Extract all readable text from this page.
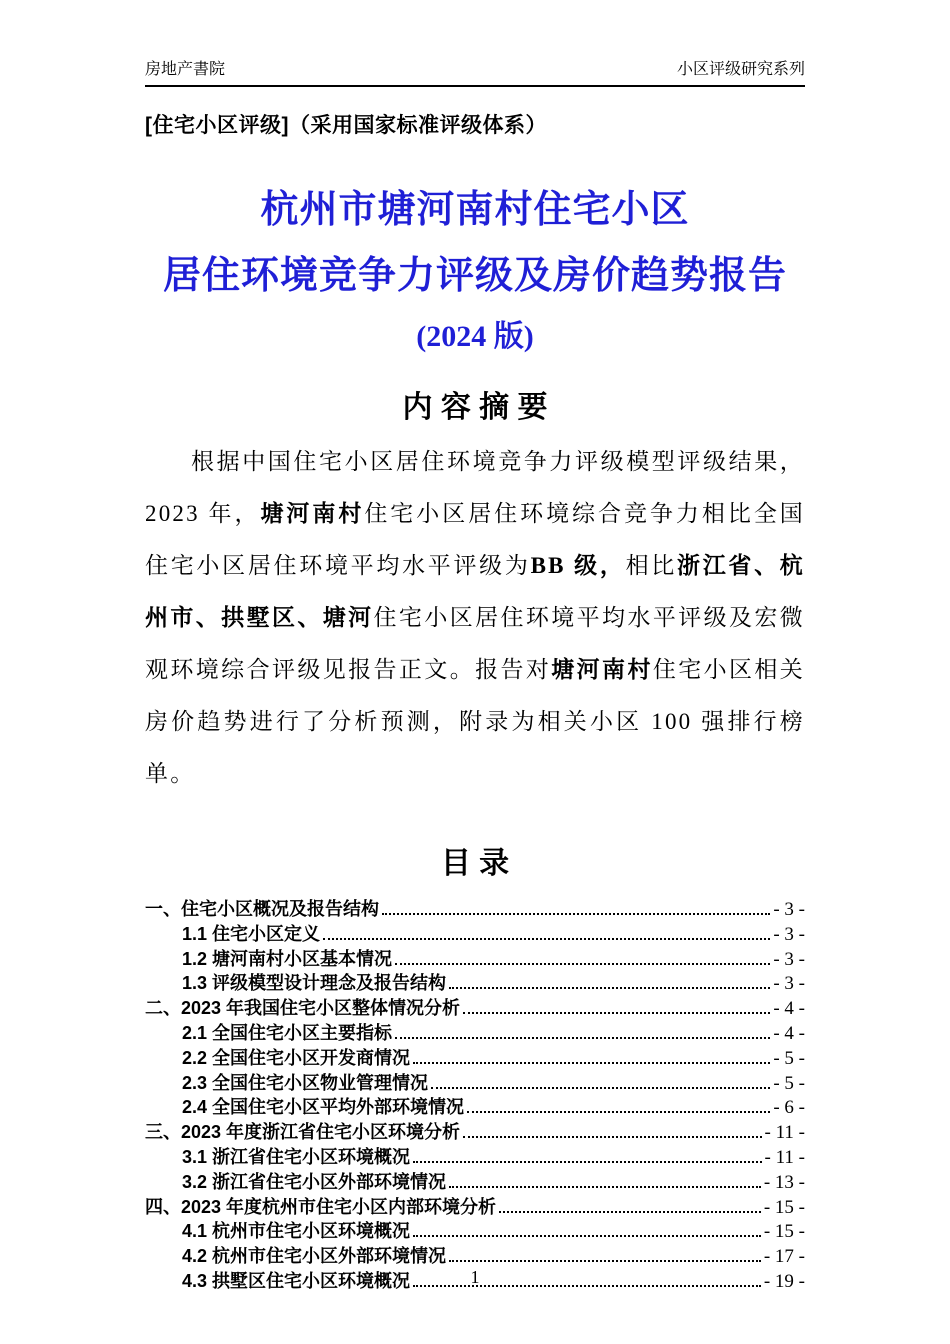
房地产書院	小区评级研究系列
[住宅小区评级]（采用国家标准评级体系）
杭州市塘河南村住宅小区
居住环境竞争力评级及房价趋势报告
(2024 版)
内 容 摘 要

根据中国住宅小区居住环境竞争力评级模型评级结果，2023 年，塘河南村住宅小区居住环境综合竞争力相比全国住宅小区居住环境平均水平评级为BB 级，相比浙江省、杭州市、拱墅区、塘河住宅小区居住环境平均水平评级及宏微观环境综合评级见报告正文。报告对塘河南村住宅小区相关房价趋势进行了分析预测，附录为相关小区 100 强排行榜单。

目 录
一、住宅小区概况及报告结构	- 3 -
1.1 住宅小区定义	- 3 -
1.2 塘河南村小区基本情况	- 3 -
1.3 评级模型设计理念及报告结构	- 3 -
二、2023 年我国住宅小区整体情况分析	- 4 -
2.1 全国住宅小区主要指标	- 4 -
2.2 全国住宅小区开发商情况	- 5 -
2.3 全国住宅小区物业管理情况	- 5 -
2.4 全国住宅小区平均外部环境情况	- 6 -
三、2023 年度浙江省住宅小区环境分析	- 11 -
3.1 浙江省住宅小区环境概况	- 11 -
3.2 浙江省住宅小区外部环境情况	- 13 -
四、2023 年度杭州市住宅小区内部环境分析	- 15 -
4.1 杭州市住宅小区环境概况	- 15 -
4.2 杭州市住宅小区外部环境情况	- 17 -
4.3 拱墅区住宅小区环境概况	- 19 -
1
